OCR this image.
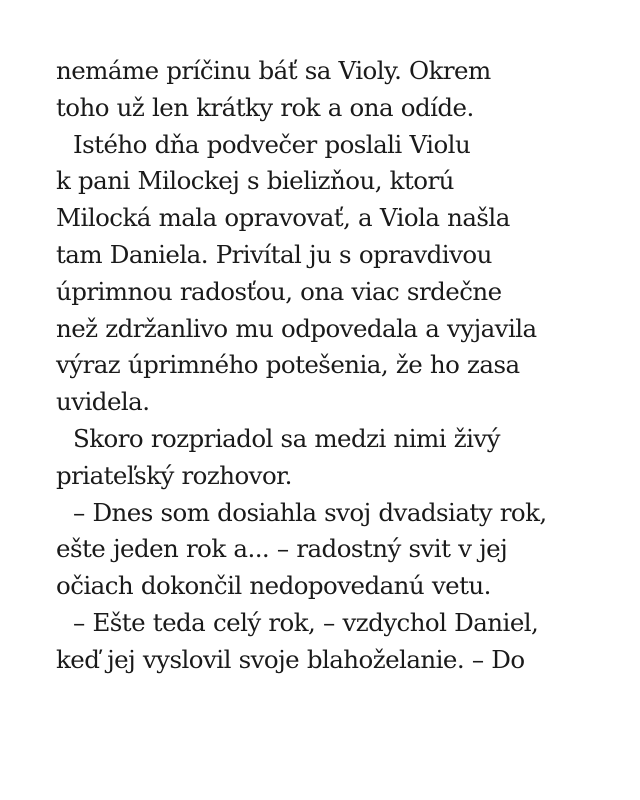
nemáme príčinu báť sa Violy. Okrem
toho už len krátky rok a ona odíde.
Istého dňa podvečer poslali Violu
k pani Milockej s bielizňou, ktorú
Milocká mala opravovať, a Viola našla
tam Daniela. Privítal ju s opravdivou
úprimnou radosťou, ona viac srdečne
než zdržanlivo mu odpovedala a vyjavila
výraz úprimného potešenia, že ho zasa
uvidela.
Skoro rozpriadol sa medzi nimi živý
priateľský rozhovor.
– Dnes som dosiahla svoj dvadsiaty rok,
ešte jeden rok a... – radostný svit v jej
očiach dokončil nedopovedanú vetu.
– Ešte teda celý rok, – vzdychol Daniel,
keď jej vyslovil svoje blahoželanie. – Do
